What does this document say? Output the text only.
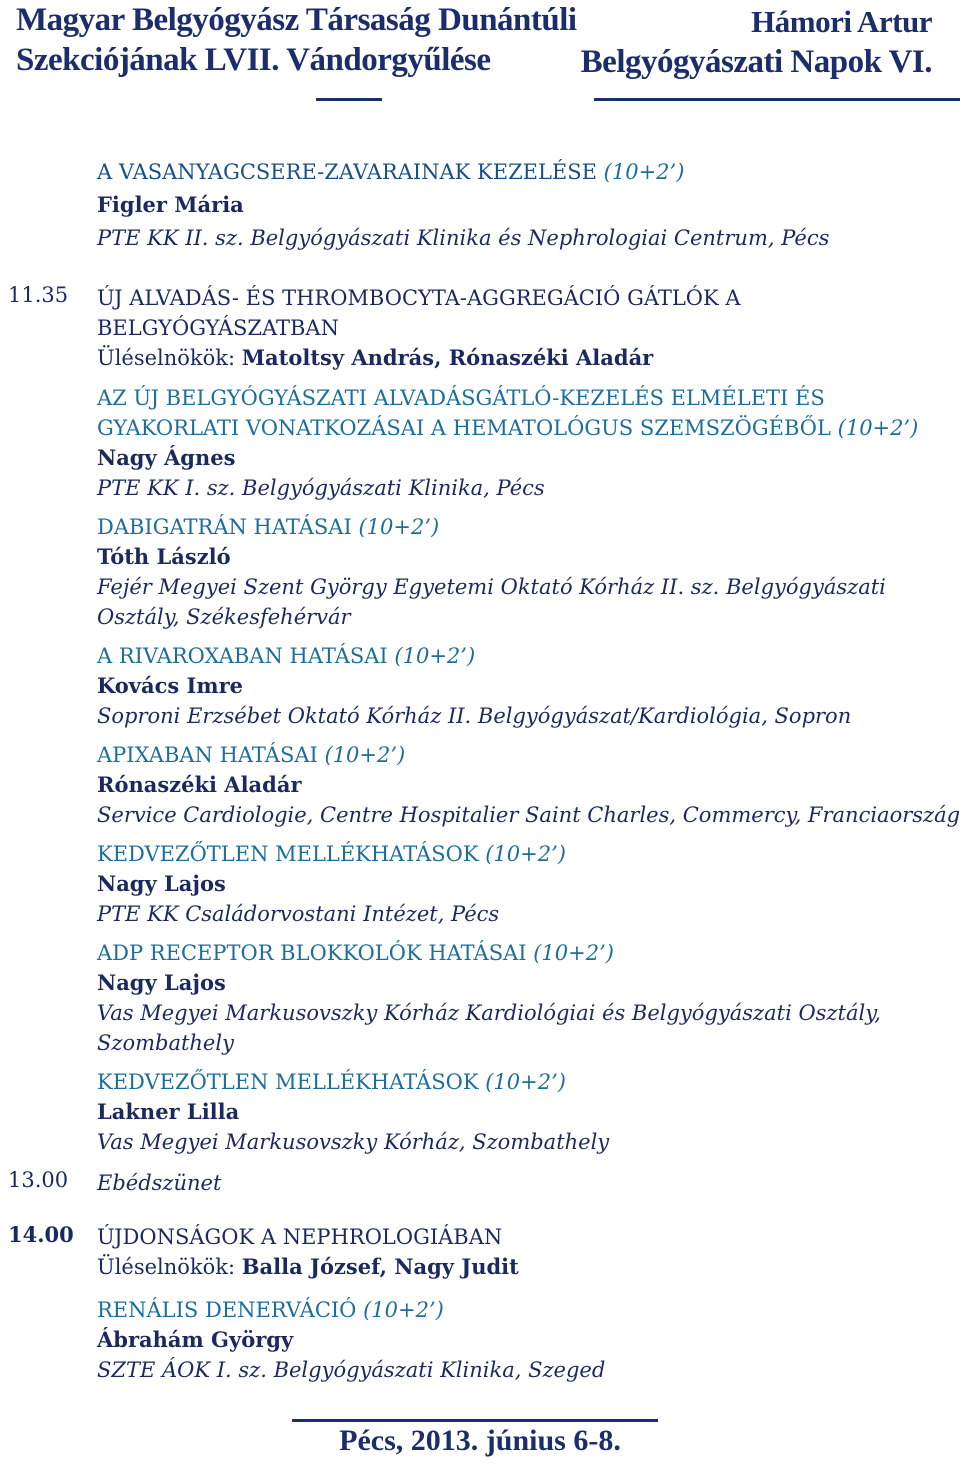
Magyar Belgyógyász Társaság Dunántúli
Szekciójának LVII. Vándorgyűlése
Hámori Artur
Belgyógyászati Napok VI.
A VASANYAGCSERE-ZAVARAINAK KEZELÉSE (10+2’)
Figler Mária
PTE KK II. sz. Belgyógyászati Klinika és Nephrologiai Centrum, Pécs
11.35 ÚJ ALVADÁS- ÉS THROMBOCYTA-AGGREGÁCIÓ GÁTLÓK A
BELGYÓGYÁSZATBAN
Üléselnökök: Matoltsy András, Rónaszéki Aladár
AZ ÚJ BELGYÓGYÁSZATI ALVADÁSGÁTLÓ-KEZELÉS ELMÉLETI ÉS
GYAKORLATI VONATKOZÁSAI A HEMATOLÓGUS SZEMSZÖGÉBŐL (10+2’)
Nagy Ágnes
PTE KK I. sz. Belgyógyászati Klinika, Pécs
DABIGATRÁN HATÁSAI (10+2’)
Tóth László
Fejér Megyei Szent György Egyetemi Oktató Kórház II. sz. Belgyógyászati
Osztály, Székesfehérvár
A RIVAROXABAN HATÁSAI (10+2’)
Kovács Imre
Soproni Erzsébet Oktató Kórház II. Belgyógyászat/Kardiológia, Sopron
APIXABAN HATÁSAI (10+2’)
Rónaszéki Aladár
Service Cardiologie, Centre Hospitalier Saint Charles, Commercy, Franciaország
KEDVEZŐTLEN MELLÉKHATÁSOK (10+2’)
Nagy Lajos
PTE KK Családorvostani Intézet, Pécs
ADP RECEPTOR BLOKKOLÓK HATÁSAI (10+2’)
Nagy Lajos
Vas Megyei Markusovszky Kórház Kardiológiai és Belgyógyászati Osztály,
Szombathely
KEDVEZŐTLEN MELLÉKHATÁSOK (10+2’)
Lakner Lilla
Vas Megyei Markusovszky Kórház, Szombathely
13.00 Ebédszünet
14.00 ÚJDONSÁGOK A NEPHROLOGIÁBAN
Üléselnökök: Balla József, Nagy Judit
RENÁLIS DENERVÁCIÓ (10+2’)
Ábrahám György
SZTE ÁOK I. sz. Belgyógyászati Klinika, Szeged
Pécs, 2013. június 6-8.
